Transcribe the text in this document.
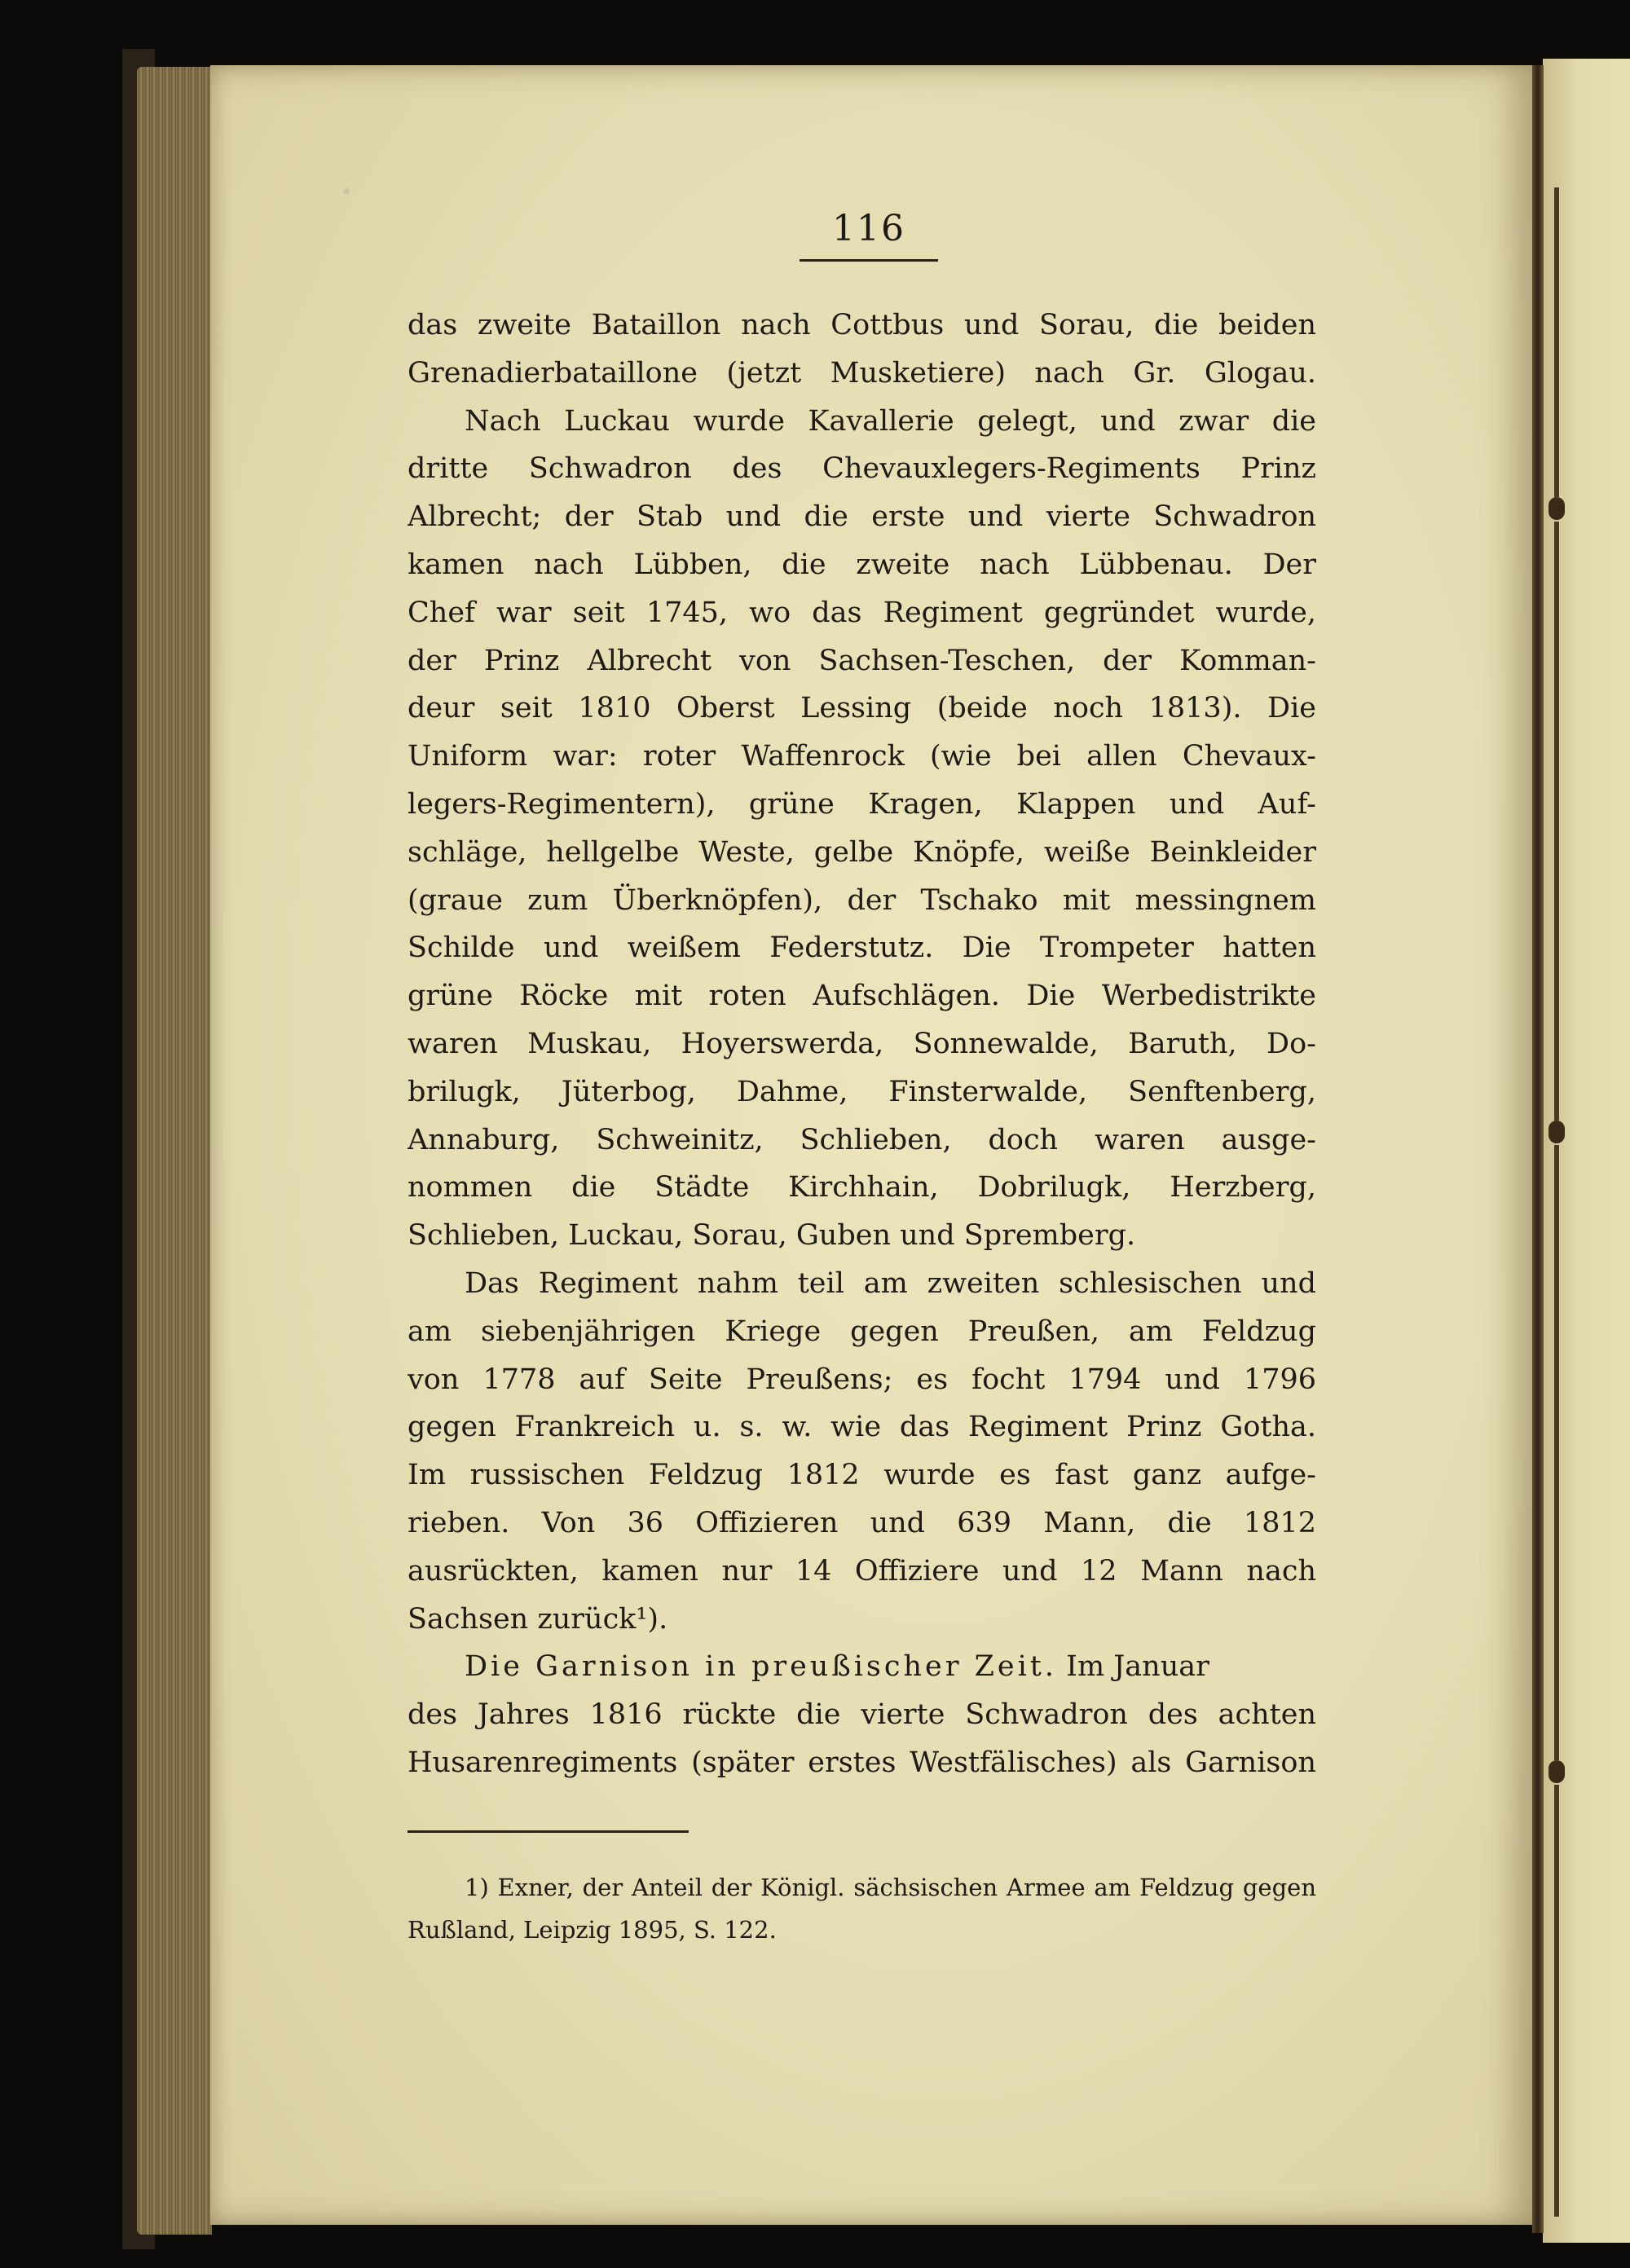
116
das zweite Bataillon nach Cottbus und Sorau, die beiden
Grenadierbataillone (jetzt Musketiere) nach Gr. Glogau.
Nach Luckau wurde Kavallerie gelegt, und zwar die
dritte Schwadron des Chevauxlegers-Regiments Prinz
Albrecht; der Stab und die erste und vierte Schwadron
kamen nach Lübben, die zweite nach Lübbenau. Der
Chef war seit 1745, wo das Regiment gegründet wurde,
der Prinz Albrecht von Sachsen-Teschen, der Komman-
deur seit 1810 Oberst Lessing (beide noch 1813). Die
Uniform war: roter Waffenrock (wie bei allen Chevaux-
legers-Regimentern), grüne Kragen, Klappen und Auf-
schläge, hellgelbe Weste, gelbe Knöpfe, weiße Beinkleider
(graue zum Überknöpfen), der Tschako mit messingnem
Schilde und weißem Federstutz. Die Trompeter hatten
grüne Röcke mit roten Aufschlägen. Die Werbedistrikte
waren Muskau, Hoyerswerda, Sonnewalde, Baruth, Do-
brilugk, Jüterbog, Dahme, Finsterwalde, Senftenberg,
Annaburg, Schweinitz, Schlieben, doch waren ausge-
nommen die Städte Kirchhain, Dobrilugk, Herzberg,
Schlieben, Luckau, Sorau, Guben und Spremberg.
Das Regiment nahm teil am zweiten schlesischen und
am siebenjährigen Kriege gegen Preußen, am Feldzug
von 1778 auf Seite Preußens; es focht 1794 und 1796
gegen Frankreich u. s. w. wie das Regiment Prinz Gotha.
Im russischen Feldzug 1812 wurde es fast ganz aufge-
rieben. Von 36 Offizieren und 639 Mann, die 1812
ausrückten, kamen nur 14 Offiziere und 12 Mann nach
Sachsen zurück¹).
Die Garnison in preußischer Zeit. Im Januar
des Jahres 1816 rückte die vierte Schwadron des achten
Husarenregiments (später erstes Westfälisches) als Garnison
1) Exner, der Anteil der Königl. sächsischen Armee am Feldzug gegen
Rußland, Leipzig 1895, S. 122.
